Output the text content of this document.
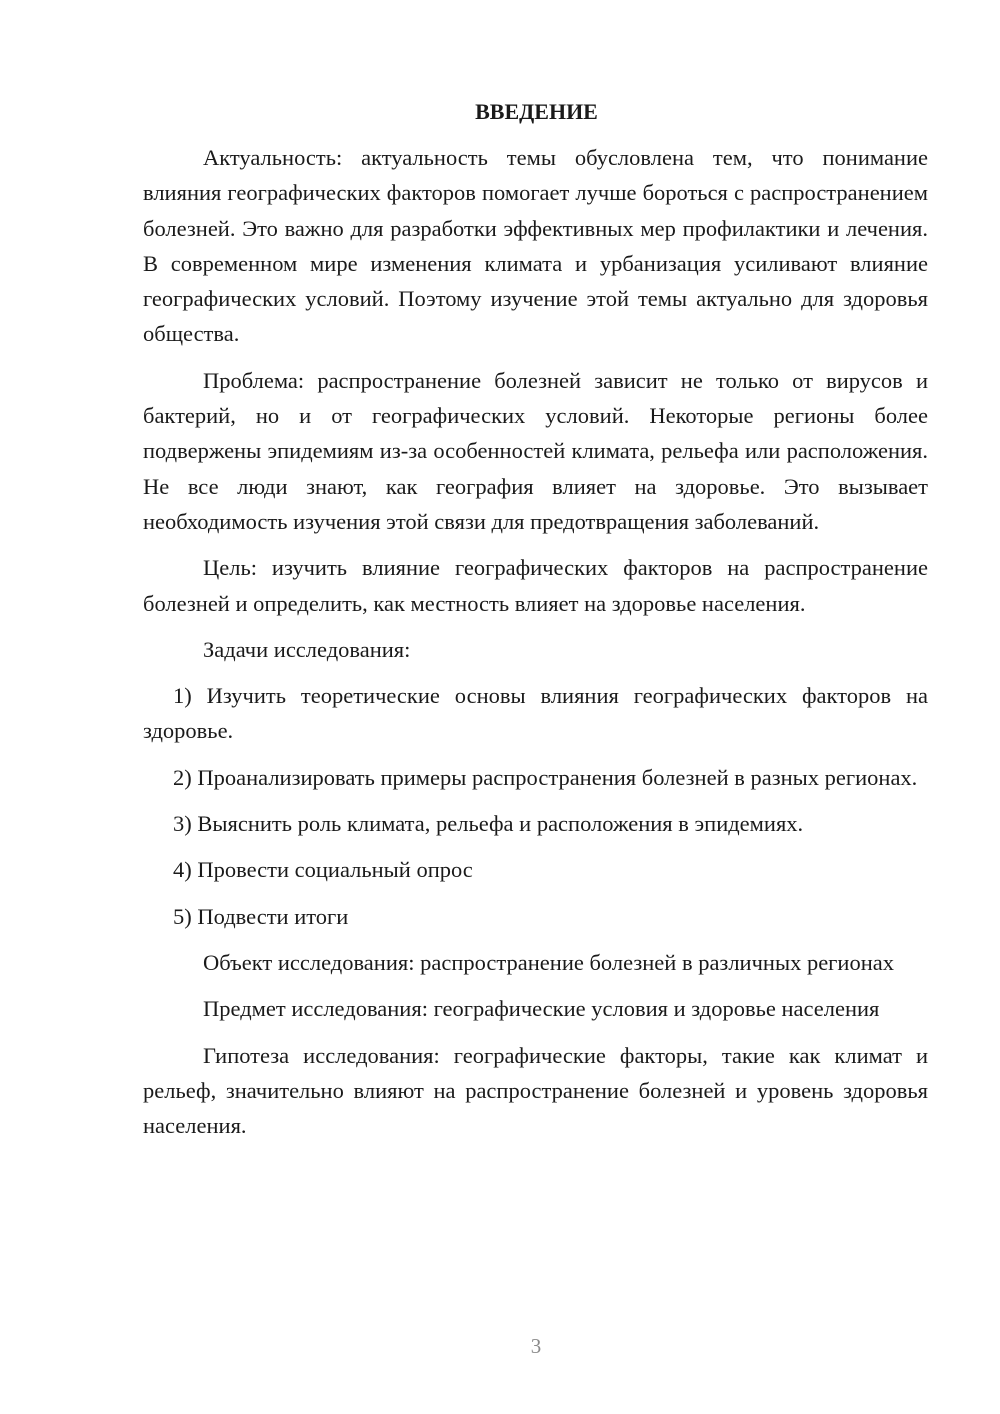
ВВЕДЕНИЕ

Актуальность: актуальность темы обусловлена тем, что понимание влияния географических факторов помогает лучше бороться с распространением болезней. Это важно для разработки эффективных мер профилактики и лечения. В современном мире изменения климата и урбанизация усиливают влияние географических условий. Поэтому изучение этой темы актуально для здоровья общества.

Проблема: распространение болезней зависит не только от вирусов и бактерий, но и от географических условий. Некоторые регионы более подвержены эпидемиям из-за особенностей климата, рельефа или расположения. Не все люди знают, как география влияет на здоровье. Это вызывает необходимость изучения этой связи для предотвращения заболеваний.

Цель: изучить влияние географических факторов на распространение болезней и определить, как местность влияет на здоровье населения.

Задачи исследования:

1) Изучить теоретические основы влияния географических факторов на здоровье.

2) Проанализировать примеры распространения болезней в разных регионах.

3) Выяснить роль климата, рельефа и расположения в эпидемиях.

4) Провести социальный опрос

5) Подвести итоги

Объект исследования: распространение болезней в различных регионах

Предмет исследования: географические условия и здоровье населения

Гипотеза исследования: географические факторы, такие как климат и рельеф, значительно влияют на распространение болезней и уровень здоровья населения.

3
